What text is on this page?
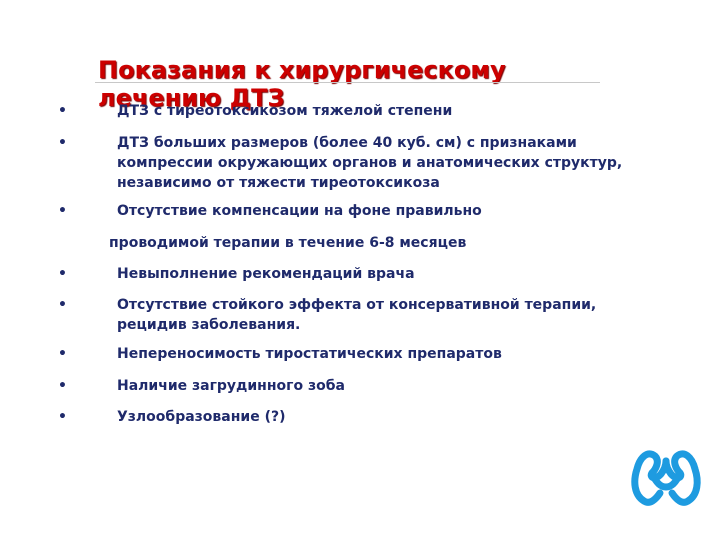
Показания к хирургическому
лечению ДТЗ
•	ДТЗ с тиреотоксикозом тяжелой степени
•	ДТЗ больших размеров (более 40 куб. см) с признаками
компрессии окружающих органов и анатомических структур,
независимо от тяжести тиреотоксикоза
•	Отсутствие компенсации на фоне правильно
•	Невыполнение рекомендаций врача
•	Отсутствие стойкого эффекта от консервативной терапии,
рецидив заболевания.
•	Непереносимость тиростатических препаратов
•	Наличие загрудинного зоба
•	Узлообразование (?)
проводимой терапии в течение 6-8 месяцев
